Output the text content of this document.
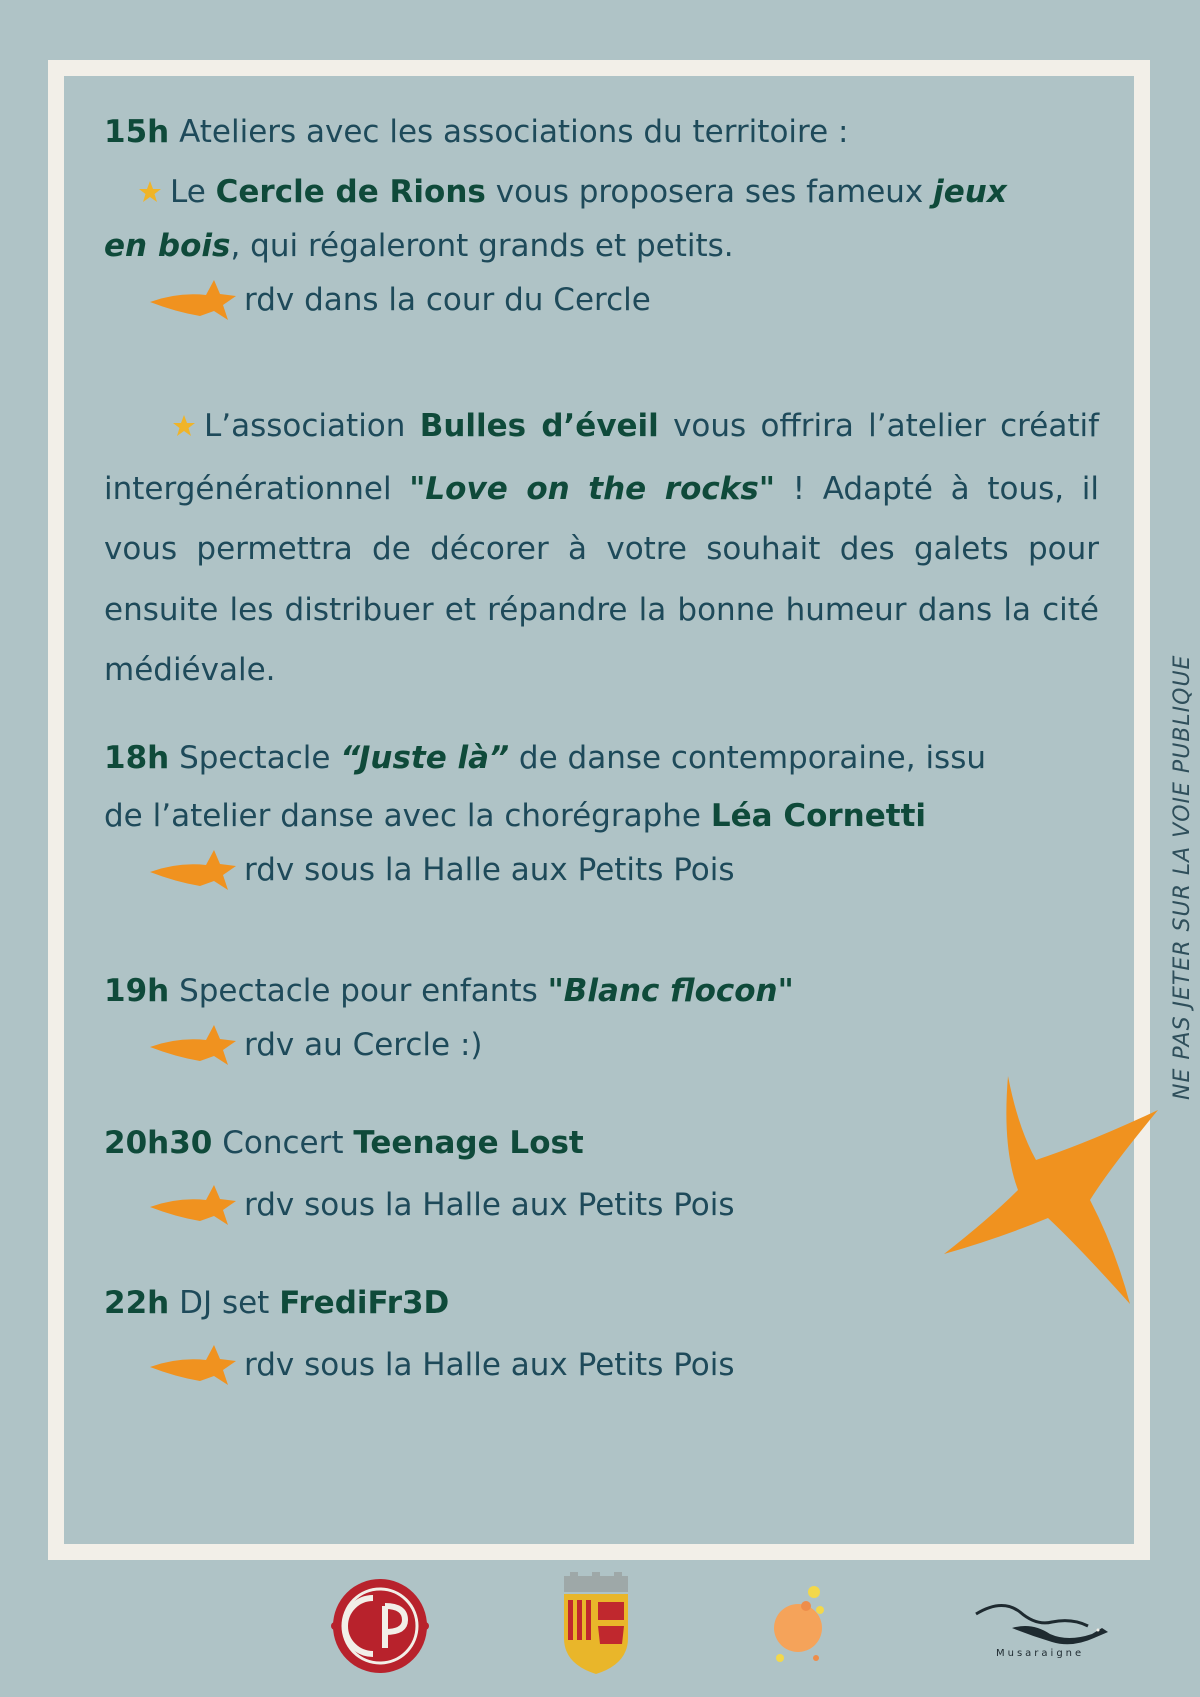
15h Ateliers avec les associations du territoire :

Le Cercle de Rions vous proposera ses fameux jeux

en bois, qui régaleront grands et petits.

rdv dans la cour du Cercle

L’association Bulles d’éveil vous offrira l’atelier créatif intergénérationnel "Love on the rocks" ! Adapté à tous, il vous permettra de décorer à votre souhait des galets pour ensuite les distribuer et répandre la bonne humeur dans la cité médiévale.

18h Spectacle “Juste là” de danse contemporaine, issu

de l’atelier danse avec la chorégraphe Léa Cornetti

rdv sous la Halle aux Petits Pois

19h Spectacle pour enfants "Blanc flocon"

rdv au Cercle :)

20h30 Concert Teenage Lost

rdv sous la Halle aux Petits Pois

22h DJ set FrediFr3D

rdv sous la Halle aux Petits Pois
NE PAS JETER SUR LA VOIE PUBLIQUE
Musaraigne
